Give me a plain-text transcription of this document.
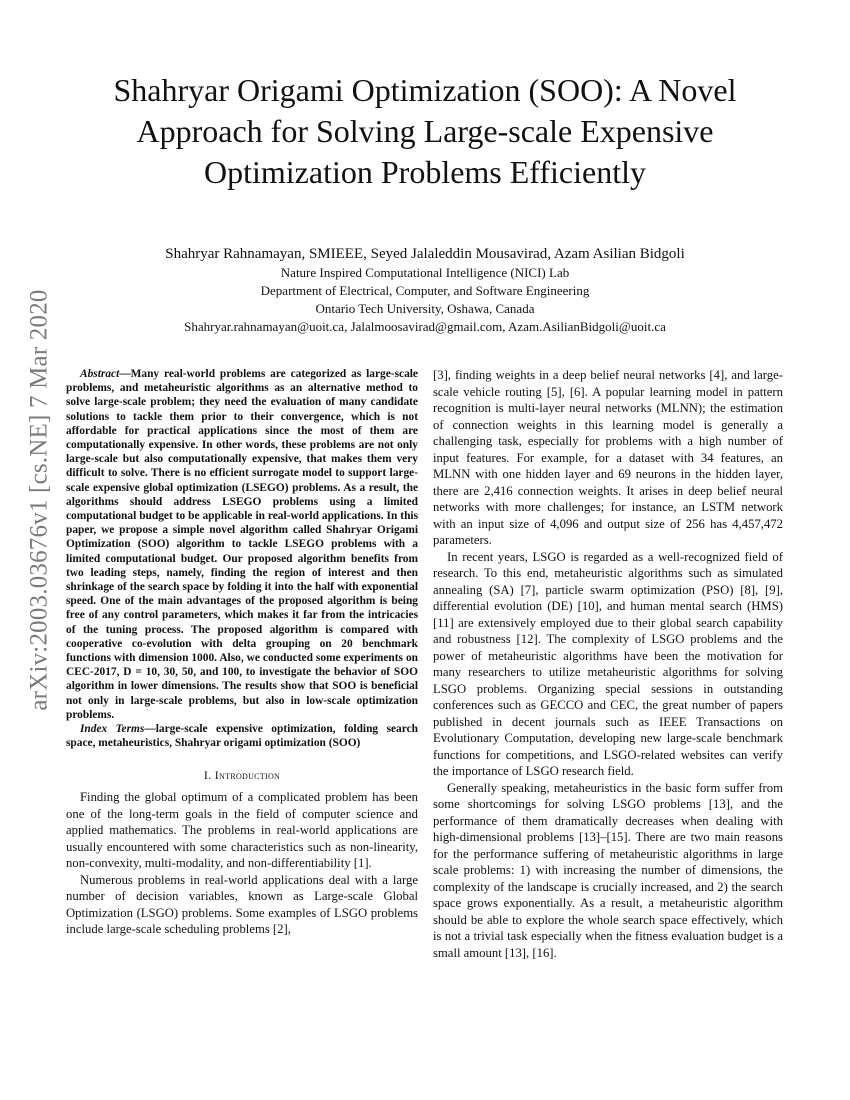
arXiv:2003.03676v1 [cs.NE] 7 Mar 2020
Shahryar Origami Optimization (SOO): A Novel
Approach for Solving Large-scale Expensive
Optimization Problems Efficiently
Shahryar Rahnamayan, SMIEEE, Seyed Jalaleddin Mousavirad, Azam Asilian Bidgoli
Nature Inspired Computational Intelligence (NICI) Lab
Department of Electrical, Computer, and Software Engineering
Ontario Tech University, Oshawa, Canada
Shahryar.rahnamayan@uoit.ca, Jalalmoosavirad@gmail.com, Azam.AsilianBidgoli@uoit.ca

Abstract—Many real-world problems are categorized as large-scale problems, and metaheuristic algorithms as an alternative method to solve large-scale problem; they need the evaluation of many candidate solutions to tackle them prior to their convergence, which is not affordable for practical applications since the most of them are computationally expensive. In other words, these problems are not only large-scale but also computationally expensive, that makes them very difficult to solve. There is no efficient surrogate model to support large-scale expensive global optimization (LSEGO) problems. As a result, the algorithms should address LSEGO problems using a limited computational budget to be applicable in real-world applications. In this paper, we propose a simple novel algorithm called Shahryar Origami Optimization (SOO) algorithm to tackle LSEGO problems with a limited computational budget. Our proposed algorithm benefits from two leading steps, namely, finding the region of interest and then shrinkage of the search space by folding it into the half with exponential speed. One of the main advantages of the proposed algorithm is being free of any control parameters, which makes it far from the intricacies of the tuning process. The proposed algorithm is compared with cooperative co-evolution with delta grouping on 20 benchmark functions with dimension 1000. Also, we conducted some experiments on CEC-2017, D = 10, 30, 50, and 100, to investigate the behavior of SOO algorithm in lower dimensions. The results show that SOO is beneficial not only in large-scale problems, but also in low-scale optimization problems.

Index Terms—large-scale expensive optimization, folding search space, metaheuristics, Shahryar origami optimization (SOO)

I. Introduction

Finding the global optimum of a complicated problem has been one of the long-term goals in the field of computer science and applied mathematics. The problems in real-world applications are usually encountered with some characteristics such as non-linearity, non-convexity, multi-modality, and non-differentiability [1].

Numerous problems in real-world applications deal with a large number of decision variables, known as Large-scale Global Optimization (LSGO) problems. Some examples of LSGO problems include large-scale scheduling problems [2],

[3], finding weights in a deep belief neural networks [4], and large-scale vehicle routing [5], [6]. A popular learning model in pattern recognition is multi-layer neural networks (MLNN); the estimation of connection weights in this learning model is generally a challenging task, especially for problems with a high number of input features. For example, for a dataset with 34 features, an MLNN with one hidden layer and 69 neurons in the hidden layer, there are 2,416 connection weights. It arises in deep belief neural networks with more challenges; for instance, an LSTM network with an input size of 4,096 and output size of 256 has 4,457,472 parameters.

In recent years, LSGO is regarded as a well-recognized field of research. To this end, metaheuristic algorithms such as simulated annealing (SA) [7], particle swarm optimization (PSO) [8], [9], differential evolution (DE) [10], and human mental search (HMS) [11] are extensively employed due to their global search capability and robustness [12]. The complexity of LSGO problems and the power of metaheuristic algorithms have been the motivation for many researchers to utilize metaheuristic algorithms for solving LSGO problems. Organizing special sessions in outstanding conferences such as GECCO and CEC, the great number of papers published in decent journals such as IEEE Transactions on Evolutionary Computation, developing new large-scale benchmark functions for competitions, and LSGO-related websites can verify the importance of LSGO research field.

Generally speaking, metaheuristics in the basic form suffer from some shortcomings for solving LSGO problems [13], and the performance of them dramatically decreases when dealing with high-dimensional problems [13]–[15]. There are two main reasons for the performance suffering of metaheuristic algorithms in large scale problems: 1) with increasing the number of dimensions, the complexity of the landscape is crucially increased, and 2) the search space grows exponentially. As a result, a metaheuristic algorithm should be able to explore the whole search space effectively, which is not a trivial task especially when the fitness evaluation budget is a small amount [13], [16].
